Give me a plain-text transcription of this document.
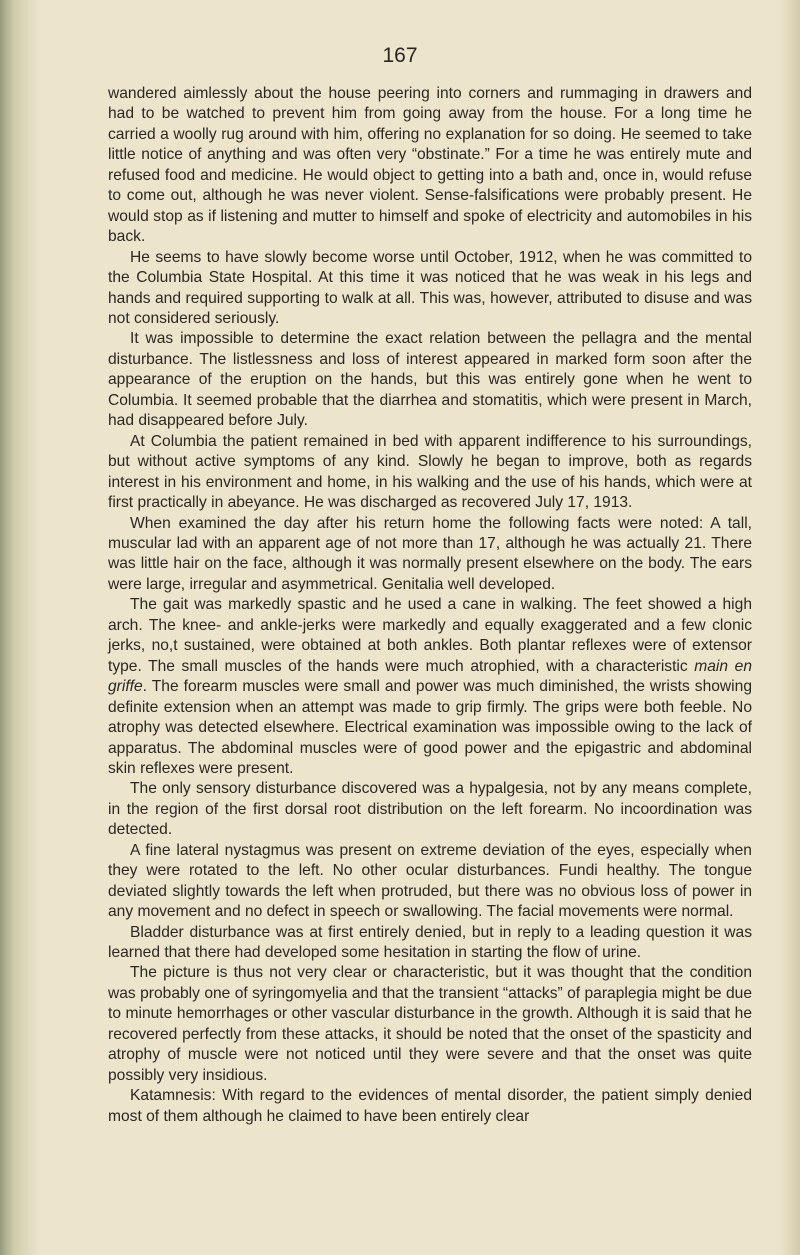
167

wandered aimlessly about the house peering into corners and rummaging in drawers and had to be watched to prevent him from going away from the house. For a long time he carried a woolly rug around with him, offering no explanation for so doing. He seemed to take little notice of anything and was often very “obstinate.” For a time he was entirely mute and refused food and medicine. He would object to getting into a bath and, once in, would refuse to come out, although he was never violent. Sense-falsifications were probably present. He would stop as if listening and mutter to himself and spoke of electricity and automobiles in his back.

He seems to have slowly become worse until October, 1912, when he was committed to the Columbia State Hospital. At this time it was noticed that he was weak in his legs and hands and required supporting to walk at all. This was, however, attributed to disuse and was not considered seriously.

It was impossible to determine the exact relation between the pellagra and the mental disturbance. The listlessness and loss of interest appeared in marked form soon after the appearance of the eruption on the hands, but this was entirely gone when he went to Columbia. It seemed probable that the diarrhea and stomatitis, which were present in March, had disappeared before July.

At Columbia the patient remained in bed with apparent indifference to his surroundings, but without active symptoms of any kind. Slowly he began to improve, both as regards interest in his environment and home, in his walking and the use of his hands, which were at first practically in abeyance. He was discharged as recovered July 17, 1913.

When examined the day after his return home the following facts were noted: A tall, muscular lad with an apparent age of not more than 17, although he was actually 21. There was little hair on the face, although it was normally present elsewhere on the body. The ears were large, irregular and asymmetrical. Genitalia well developed.

The gait was markedly spastic and he used a cane in walking. The feet showed a high arch. The knee- and ankle-jerks were markedly and equally exaggerated and a few clonic jerks, no,t sustained, were obtained at both ankles. Both plantar reflexes were of extensor type. The small muscles of the hands were much atrophied, with a characteristic main en griffe. The forearm muscles were small and power was much diminished, the wrists showing definite extension when an attempt was made to grip firmly. The grips were both feeble. No atrophy was detected elsewhere. Electrical examination was impossible owing to the lack of apparatus. The abdominal muscles were of good power and the epigastric and abdominal skin reflexes were present.

The only sensory disturbance discovered was a hypalgesia, not by any means complete, in the region of the first dorsal root distribution on the left forearm. No incoordination was detected.

A fine lateral nystagmus was present on extreme deviation of the eyes, especially when they were rotated to the left. No other ocular disturbances. Fundi healthy. The tongue deviated slightly towards the left when protruded, but there was no obvious loss of power in any movement and no defect in speech or swallowing. The facial movements were normal.

Bladder disturbance was at first entirely denied, but in reply to a leading question it was learned that there had developed some hesitation in starting the flow of urine.

The picture is thus not very clear or characteristic, but it was thought that the condition was probably one of syringomyelia and that the transient “attacks” of paraplegia might be due to minute hemorrhages or other vascular disturbance in the growth. Although it is said that he recovered perfectly from these attacks, it should be noted that the onset of the spasticity and atrophy of muscle were not noticed until they were severe and that the onset was quite possibly very insidious.

Katamnesis: With regard to the evidences of mental disorder, the patient simply denied most of them although he claimed to have been entirely clear
